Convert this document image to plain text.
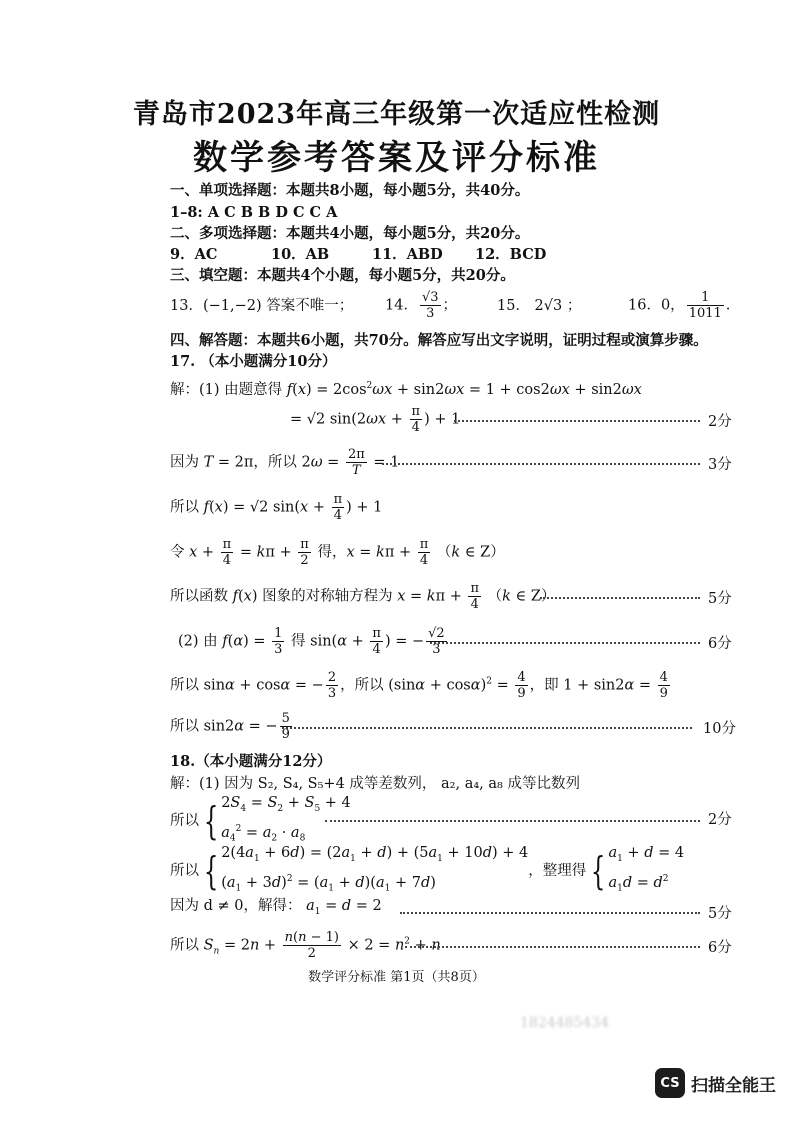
青岛市2023年高三年级第一次适应性检测
数学参考答案及评分标准
一、单项选择题：本题共8小题，每小题5分，共40分。
1–8: A C B B D C C A
二、多项选择题：本题共4小题，每小题5分，共20分。
9．AC	10．AB	11．ABD 12．BCD
三、填空题：本题共4个小题，每小题5分，共20分。
13．(−1,−2) 答案不唯一； 14． $\frac{√3}{3}$ ；	15． 2√3 ；	16．0， $\frac{1}{1011}$ .
四、解答题：本题共6小题，共70分。解答应写出文字说明，证明过程或演算步骤。
17. （本小题满分10分）
解：(1) 由题意得 $f(x) = 2\cos^2\omega x + \sin 2\omega x = 1 + \cos 2\omega x + \sin 2\omega x$
= √2 $\sin(2\omega x + \frac{\pi}{4}$ ) + 1	2分
因为 T = 2π，所以 $2\omega = \frac{2\pi}{T} = 1$	3分
所以 f(x) = √2 $\sin(x + \frac{\pi}{4}$ ) + 1
令 $x + \frac{\pi}{4} = k\pi + \frac{\pi}{2}$ 得，$x = k\pi + \frac{\pi}{4} (k$ ∈ Z）
所以函数 f(x) 图象的对称轴方程为 $x = k\pi + \frac{\pi}{4} (k$ ∈ Z）	5分
(2) 由 $f(\alpha) = \frac{1}{3}$ 得 $\sin(\alpha + \frac{\pi}{4}$ ) = − $\frac{√2}{3}$	6分
所以 sinα + cosα = − $\frac{2}{3}$ ，所以 $(\sin\alpha + \cos\alpha)^2 = \frac{4}{9}$ ，即 $1 + \sin 2\alpha = \frac{4}{9}$
所以 sin2α = − $\frac{5}{9}$	10分
18.（本小题满分12分）
解：(1) 因为 S₂, S₄, S₅+4 成等差数列， a₂, a₄, a₈ 成等比数列
所以 { $2S_4 = S_2 + S_5 + 4$
$a_4^2 = a_2 \cdot a_8$
2分
所以 { $2(4a_1 + 6d) = (2a_1 + d) + (5a_1 + 10d) + 4$
$(a_1 + 3d)^2 = (a_1 + d)(a_1 + 7d)$，整理得 { $a_1 + d = 4$
$a_1d = d^2$
因为 d ≠ 0，解得： $a_1 = d = 2$	5分
所以 $S_n = 2n + \frac{n(n - 1)}{2} \times 2 = n^2 + n$	6分
数学评分标准 第1页（共8页）
1824485434
CS 扫描全能王
